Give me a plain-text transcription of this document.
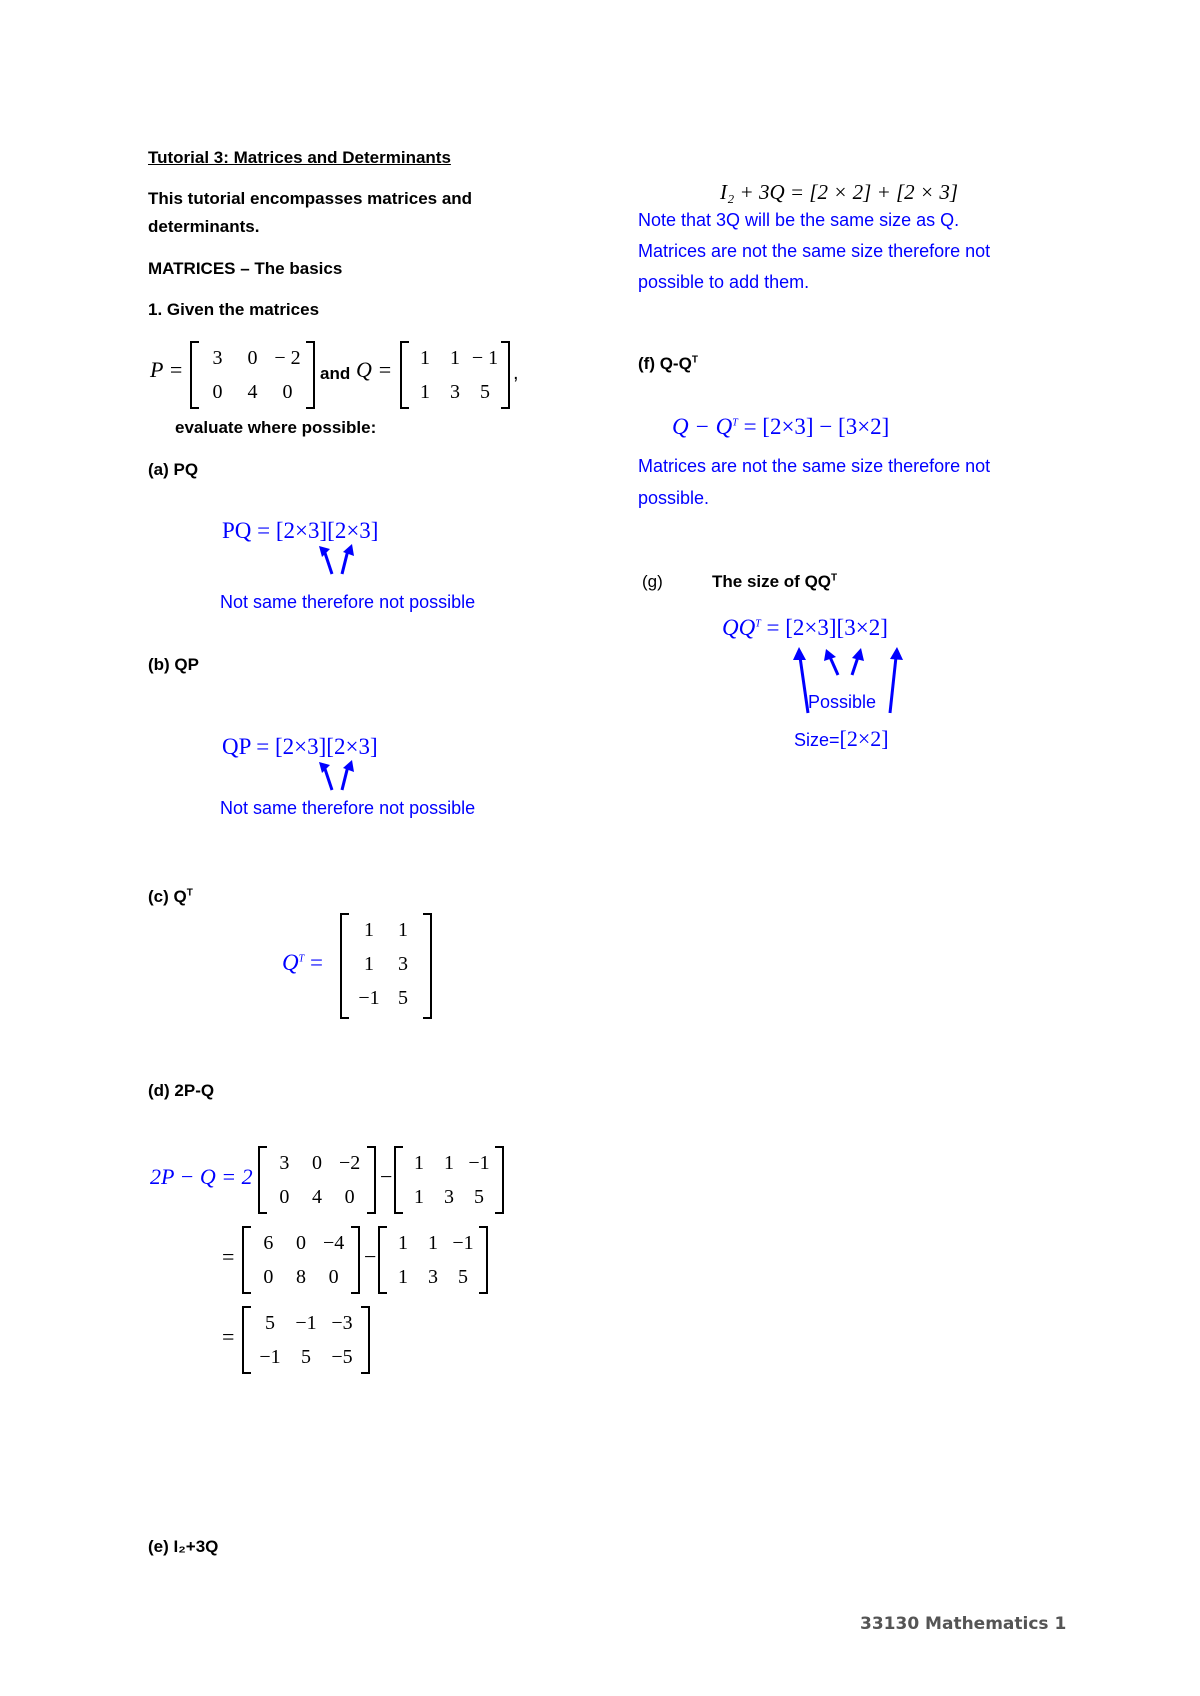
Tutorial 3: Matrices and Determinants
This tutorial encompasses matrices and
determinants.
MATRICES – The basics
1. Given the matrices
P =	3	0 − 2
0	4	0
and Q =	1	1 − 1
1	3	5
,
evaluate where possible:
(a) PQ
PQ = [2×3][2×3]
Not same therefore not possible
(b) QP
QP = [2×3][2×3]
Not same therefore not possible
(c) $Q^T$
$Q^T$ =
1	1
1	3
−1 5
(d) 2P-Q
2P − Q = 2
3	0 −2
0	4	0
−
1	1 −1
1	3	5
=
6	0 −4
0	8	0
−
1	1 −1
1	3	5
=
5	−1 −3
−1	5	−5
(e) I₂+3Q
I₂ + 3Q = [2 × 2] + [2 × 3]
Note that 3Q will be the same size as Q.
Matrices are not the same size therefore not
possible to add them.
(f) $Q-Q^T$
$Q - Q^T = [2\times 3] - [3\times 2]$
Matrices are not the same size therefore not
possible.
(g)	The size of $QQ^T$
$QQ^T = [2\times 3][3\times 2]$
Possible
Size=[2×2]
33130 Mathematics 1
